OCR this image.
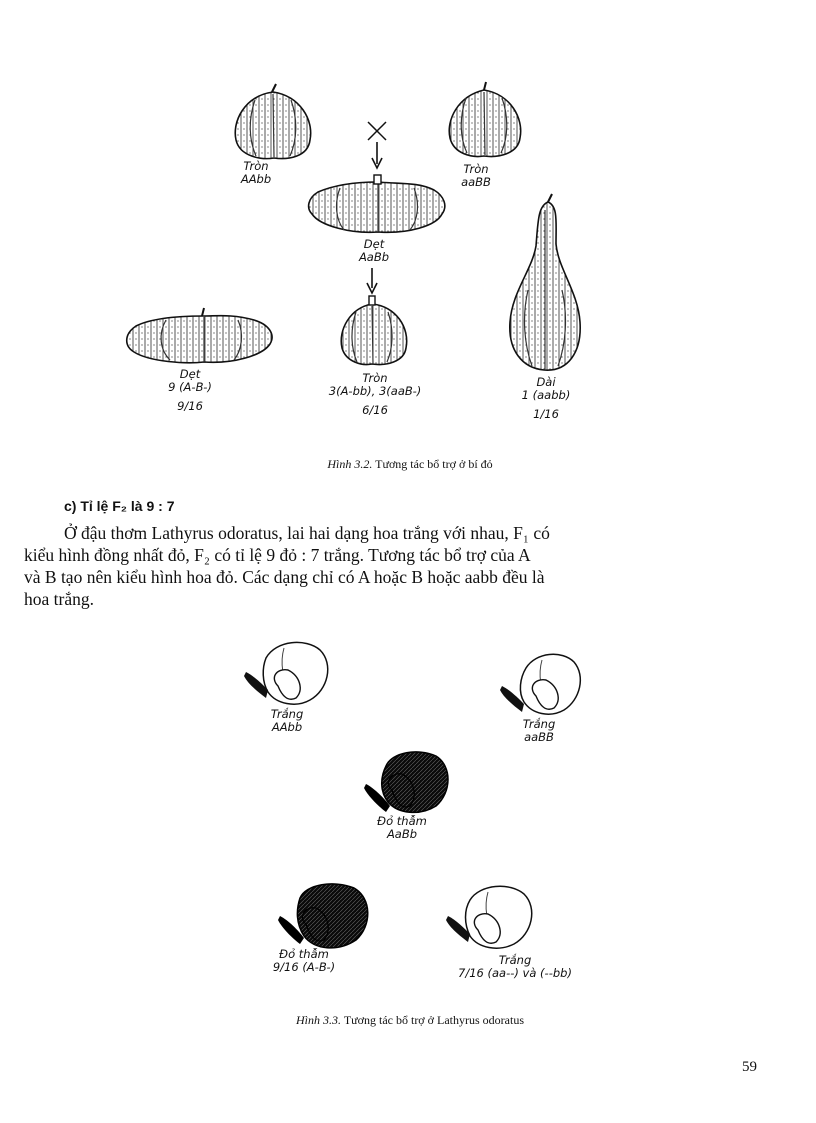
Tròn
AAbb
Tròn
aaBB
Dẹt
AaBb
Dẹt
9 (A-B-)
9/16
Tròn
3(A-bb), 3(aaB-)
6/16
Dài
1 (aabb)
1/16
Hình 3.2. Tương tác bổ trợ ở bí đỏ
c) Tỉ lệ F₂ là 9 : 7
Ở đậu thơm Lathyrus odoratus, lai hai dạng hoa trắng với nhau, F₁ có
kiểu hình đồng nhất đỏ, F₂ có tỉ lệ 9 đỏ : 7 trắng. Tương tác bổ trợ của A
và B tạo nên kiểu hình hoa đỏ. Các dạng chỉ có A hoặc B hoặc aabb đều là
hoa trắng.
Trắng
AAbb	Trắng
aaBB
Đỏ thẫm
AaBb
Đỏ thẫm
9/16 (A-B-)	Trắng
7/16 (aa--) và (--bb)
Hình 3.3. Tương tác bổ trợ ở Lathyrus odoratus
59
